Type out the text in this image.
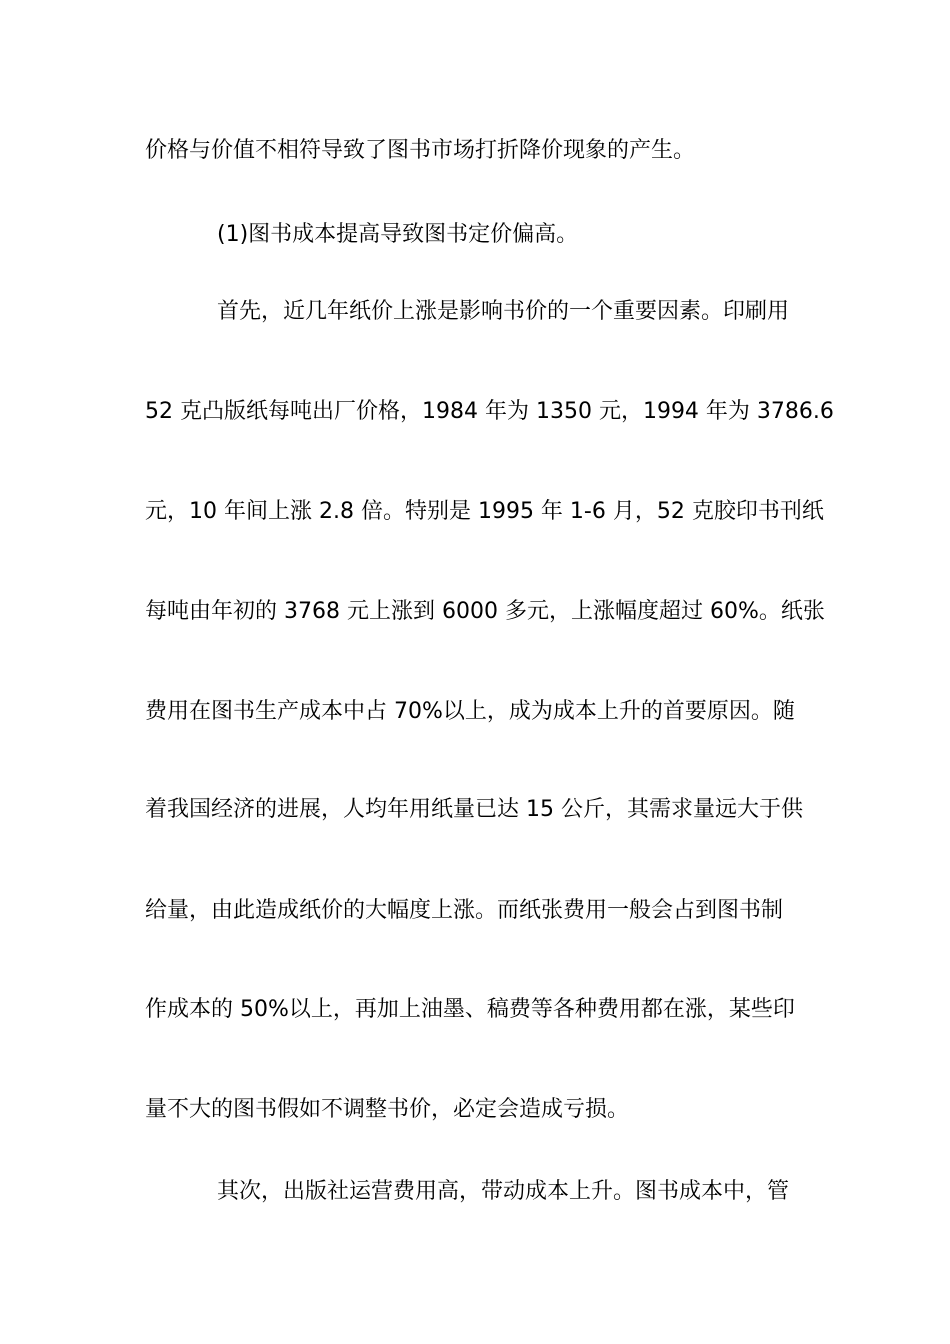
价格与价值不相符导致了图书市场打折降价现象的产生。
(1)图书成本提高导致图书定价偏高。
首先，近几年纸价上涨是影响书价的一个重要因素。印刷用
52 克凸版纸每吨出厂价格，1984 年为 1350 元，1994 年为 3786.6
元，10 年间上涨 2.8 倍。特别是 1995 年 1-6 月，52 克胶印书刊纸
每吨由年初的 3768 元上涨到 6000 多元，上涨幅度超过 60%。纸张
费用在图书生产成本中占 70%以上，成为成本上升的首要原因。随
着我国经济的进展，人均年用纸量已达 15 公斤，其需求量远大于供
给量，由此造成纸价的大幅度上涨。而纸张费用一般会占到图书制
作成本的 50%以上，再加上油墨、稿费等各种费用都在涨，某些印
量不大的图书假如不调整书价，必定会造成亏损。
其次，出版社运营费用高，带动成本上升。图书成本中，管
